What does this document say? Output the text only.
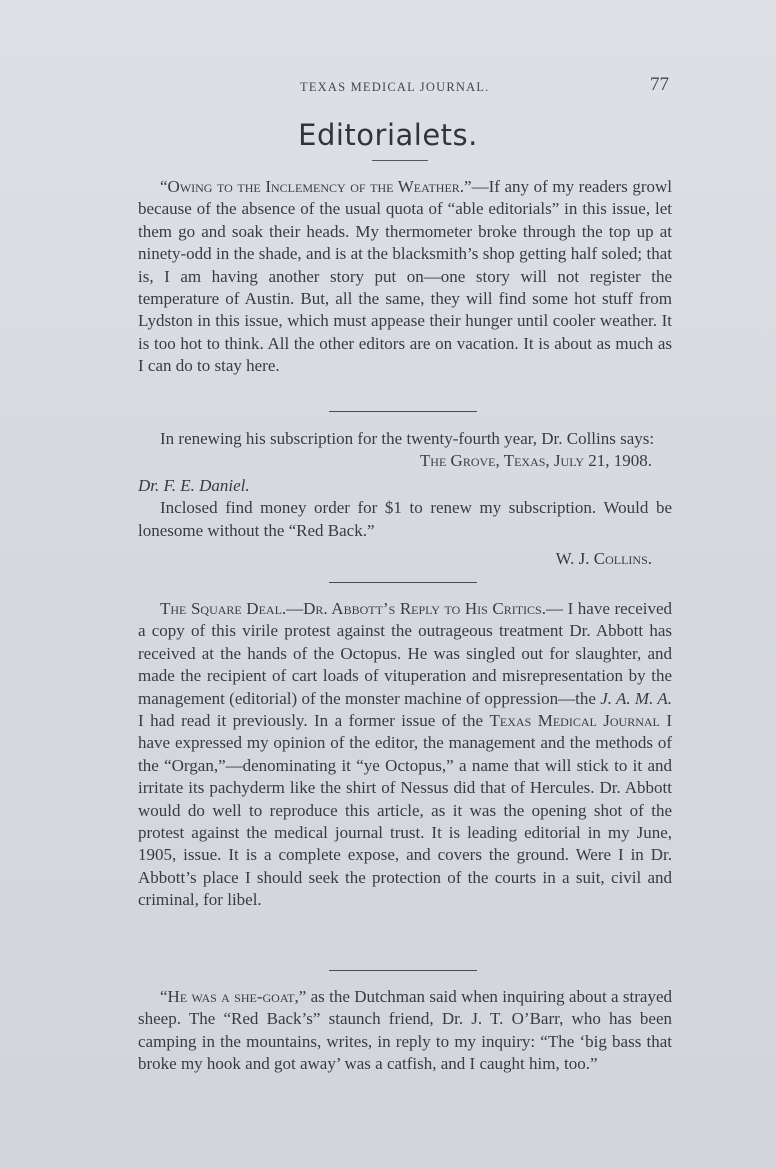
TEXAS MEDICAL JOURNAL.	77
Editorialets.

“Owing to the Inclemency of the Weather.”—If any of my readers growl because of the absence of the usual quota of “able editorials” in this issue, let them go and soak their heads. My thermometer broke through the top up at ninety-odd in the shade, and is at the blacksmith’s shop getting half soled; that is, I am having another story put on—one story will not register the temperature of Austin. But, all the same, they will find some hot stuff from Lydston in this issue, which must appease their hunger until cooler weather. It is too hot to think. All the other editors are on vacation. It is about as much as I can do to stay here.

In renewing his subscription for the twenty-fourth year, Dr. Collins says:

The Grove, Texas, July 21, 1908.

Dr. F. E. Daniel.

Inclosed find money order for $1 to renew my subscription. Would be lonesome without the “Red Back.”

W. J. Collins.

The Square Deal.—Dr. Abbott’s Reply to His Critics.— I have received a copy of this virile protest against the outrageous treatment Dr. Abbott has received at the hands of the Octopus. He was singled out for slaughter, and made the recipient of cart loads of vituperation and misrepresentation by the management (editorial) of the monster machine of oppression—the J. A. M. A. I had read it previously. In a former issue of the Texas Medical Journal I have expressed my opinion of the editor, the management and the methods of the “Organ,”—denominating it “ye Octopus,” a name that will stick to it and irritate its pachyderm like the shirt of Nessus did that of Hercules. Dr. Abbott would do well to reproduce this article, as it was the opening shot of the protest against the medical journal trust. It is leading editorial in my June, 1905, issue. It is a complete expose, and covers the ground. Were I in Dr. Abbott’s place I should seek the protection of the courts in a suit, civil and criminal, for libel.

“He was a she-goat,” as the Dutchman said when inquiring about a strayed sheep. The “Red Back’s” staunch friend, Dr. J. T. O’Barr, who has been camping in the mountains, writes, in reply to my inquiry: “The ‘big bass that broke my hook and got away’ was a catfish, and I caught him, too.”
